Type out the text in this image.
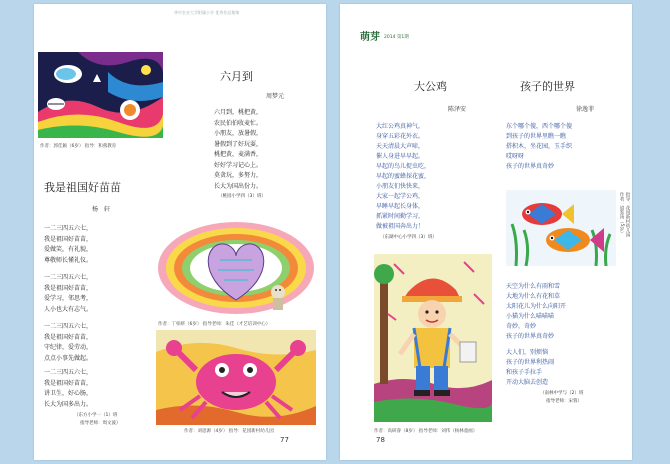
华中农业大学附属小学 优秀作品集锦
作者：郭佳颖（6岁） 指导：和燕教育
六月到
周梦元
六月到，桃把黄，
农民伯伯收麦忙。
小朋友，放暑假，
暑假到了好玩耍，
桃把黄，麦满香，
好好学习记心上。
莫贪玩，多努力，
长大为国出份力。
（桃园小学四（3）班）
我是祖国好苗苗
杨　轩
一二三四五六七，
我是祖国好苗苗，
爱做笑，有礼貌，
尊敬师长懂礼仪。
一二三四五六七，
我是祖国好苗苗，
爱学习，邻思考，
人小也大有志气。
一二三四五六七，
我是祖国好苗苗，
守纪律，爱劳动，
点点小事先做起。
一二三四五六七，
我是祖国好苗苗，
讲卫生，好心肠，
长大为国多出力。
（东方小学一（1）班
指导老师：周文波）
作者：丁柏妍（6岁） 指导老师：朱佳（才艺培训中心）
作者：刘思源（4岁） 指导：花园新村幼儿园
77
萌芽 2014 第1期
大公鸡
陈泽安
大红公鸡真神气，
身穿五彩花外衣。
天天清晨大声啼，
催人身进早早起。
早起的鸟儿捉虫吃，
早起的蜜蜂採花蜜，
小朋友们快快来，
大家一起学公鸡，
早睡早起长身体，
抓紧时间勤学习，
做被祖国奔出力！
（东湖中心小学四（3）班）
孩子的世界
徐逸菲
东个哪个傻，西个哪个傻
到孩子的世界里瞧一瞧
搭积木，坐花园，玉手织
哎呀呀
孩子的世界真奇妙
作者：道鉴汤（5岁） 指导：花园新村幼儿园
天空为什么有雨和雪
大地为什么有花和草
太阳花儿为什么向阳开
小猫为什么喵喵喵
奇妙，奇妙
孩子的世界真奇妙
大人们，别烦恼
孩子的世界利热闹
和孩子手拉手
开动大脑去创造
（南林中学与（2）班
指导老师：宋蓉）
作者：高研睿（8岁） 指导老师：刘伟（杨林童画）
78
